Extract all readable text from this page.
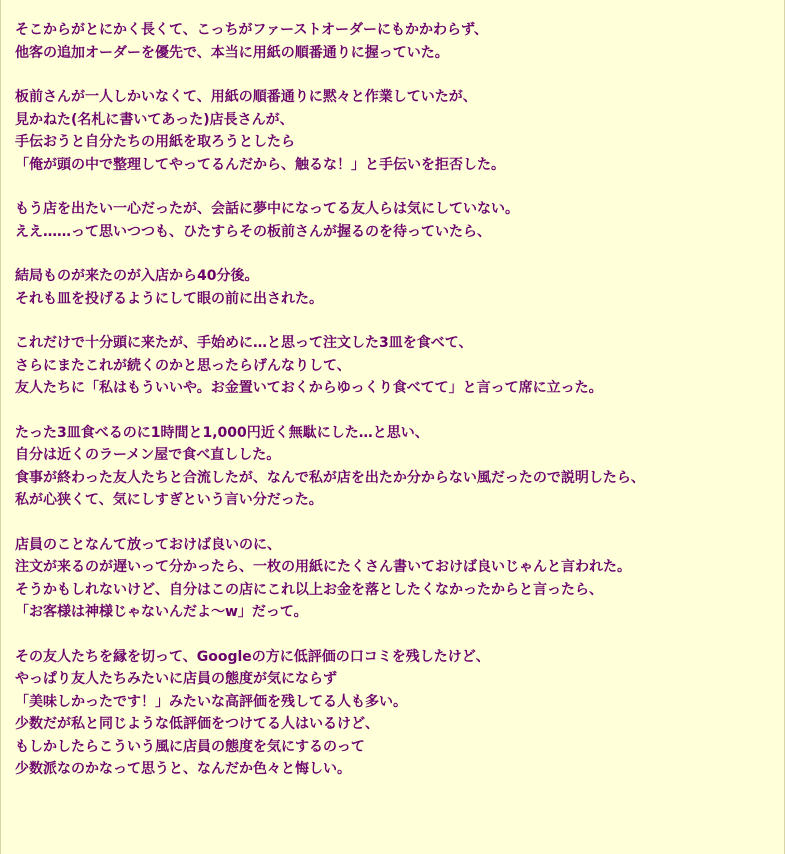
そこからがとにかく長くて、こっちがファーストオーダーにもかかわらず、
他客の追加オーダーを優先で、本当に用紙の順番通りに握っていた。

板前さんが一人しかいなくて、用紙の順番通りに黙々と作業していたが、
見かねた(名札に書いてあった)店長さんが、
手伝おうと自分たちの用紙を取ろうとしたら
「俺が頭の中で整理してやってるんだから、触るな！」と手伝いを拒否した。

もう店を出たい一心だったが、会話に夢中になってる友人らは気にしていない。
ええ……って思いつつも、ひたすらその板前さんが握るのを待っていたら、

結局ものが来たのが入店から40分後。
それも皿を投げるようにして眼の前に出された。

これだけで十分頭に来たが、手始めに…と思って注文した3皿を食べて、
さらにまたこれが続くのかと思ったらげんなりして、
友人たちに「私はもういいや。お金置いておくからゆっくり食べてて」と言って席に立った。

たった3皿食べるのに1時間と1,000円近く無駄にした…と思い、
自分は近くのラーメン屋で食べ直しした。
食事が終わった友人たちと合流したが、なんで私が店を出たか分からない風だったので説明したら、
私が心狭くて、気にしすぎという言い分だった。

店員のことなんて放っておけば良いのに、
注文が来るのが遅いって分かったら、一枚の用紙にたくさん書いておけば良いじゃんと言われた。
そうかもしれないけど、自分はこの店にこれ以上お金を落としたくなかったからと言ったら、
「お客様は神様じゃないんだよ～w」だって。

その友人たちを縁を切って、Googleの方に低評価の口コミを残したけど、
やっぱり友人たちみたいに店員の態度が気にならず
「美味しかったです！」みたいな高評価を残してる人も多い。
少数だが私と同じような低評価をつけてる人はいるけど、
もしかしたらこういう風に店員の態度を気にするのって
少数派なのかなって思うと、なんだか色々と悔しい。
